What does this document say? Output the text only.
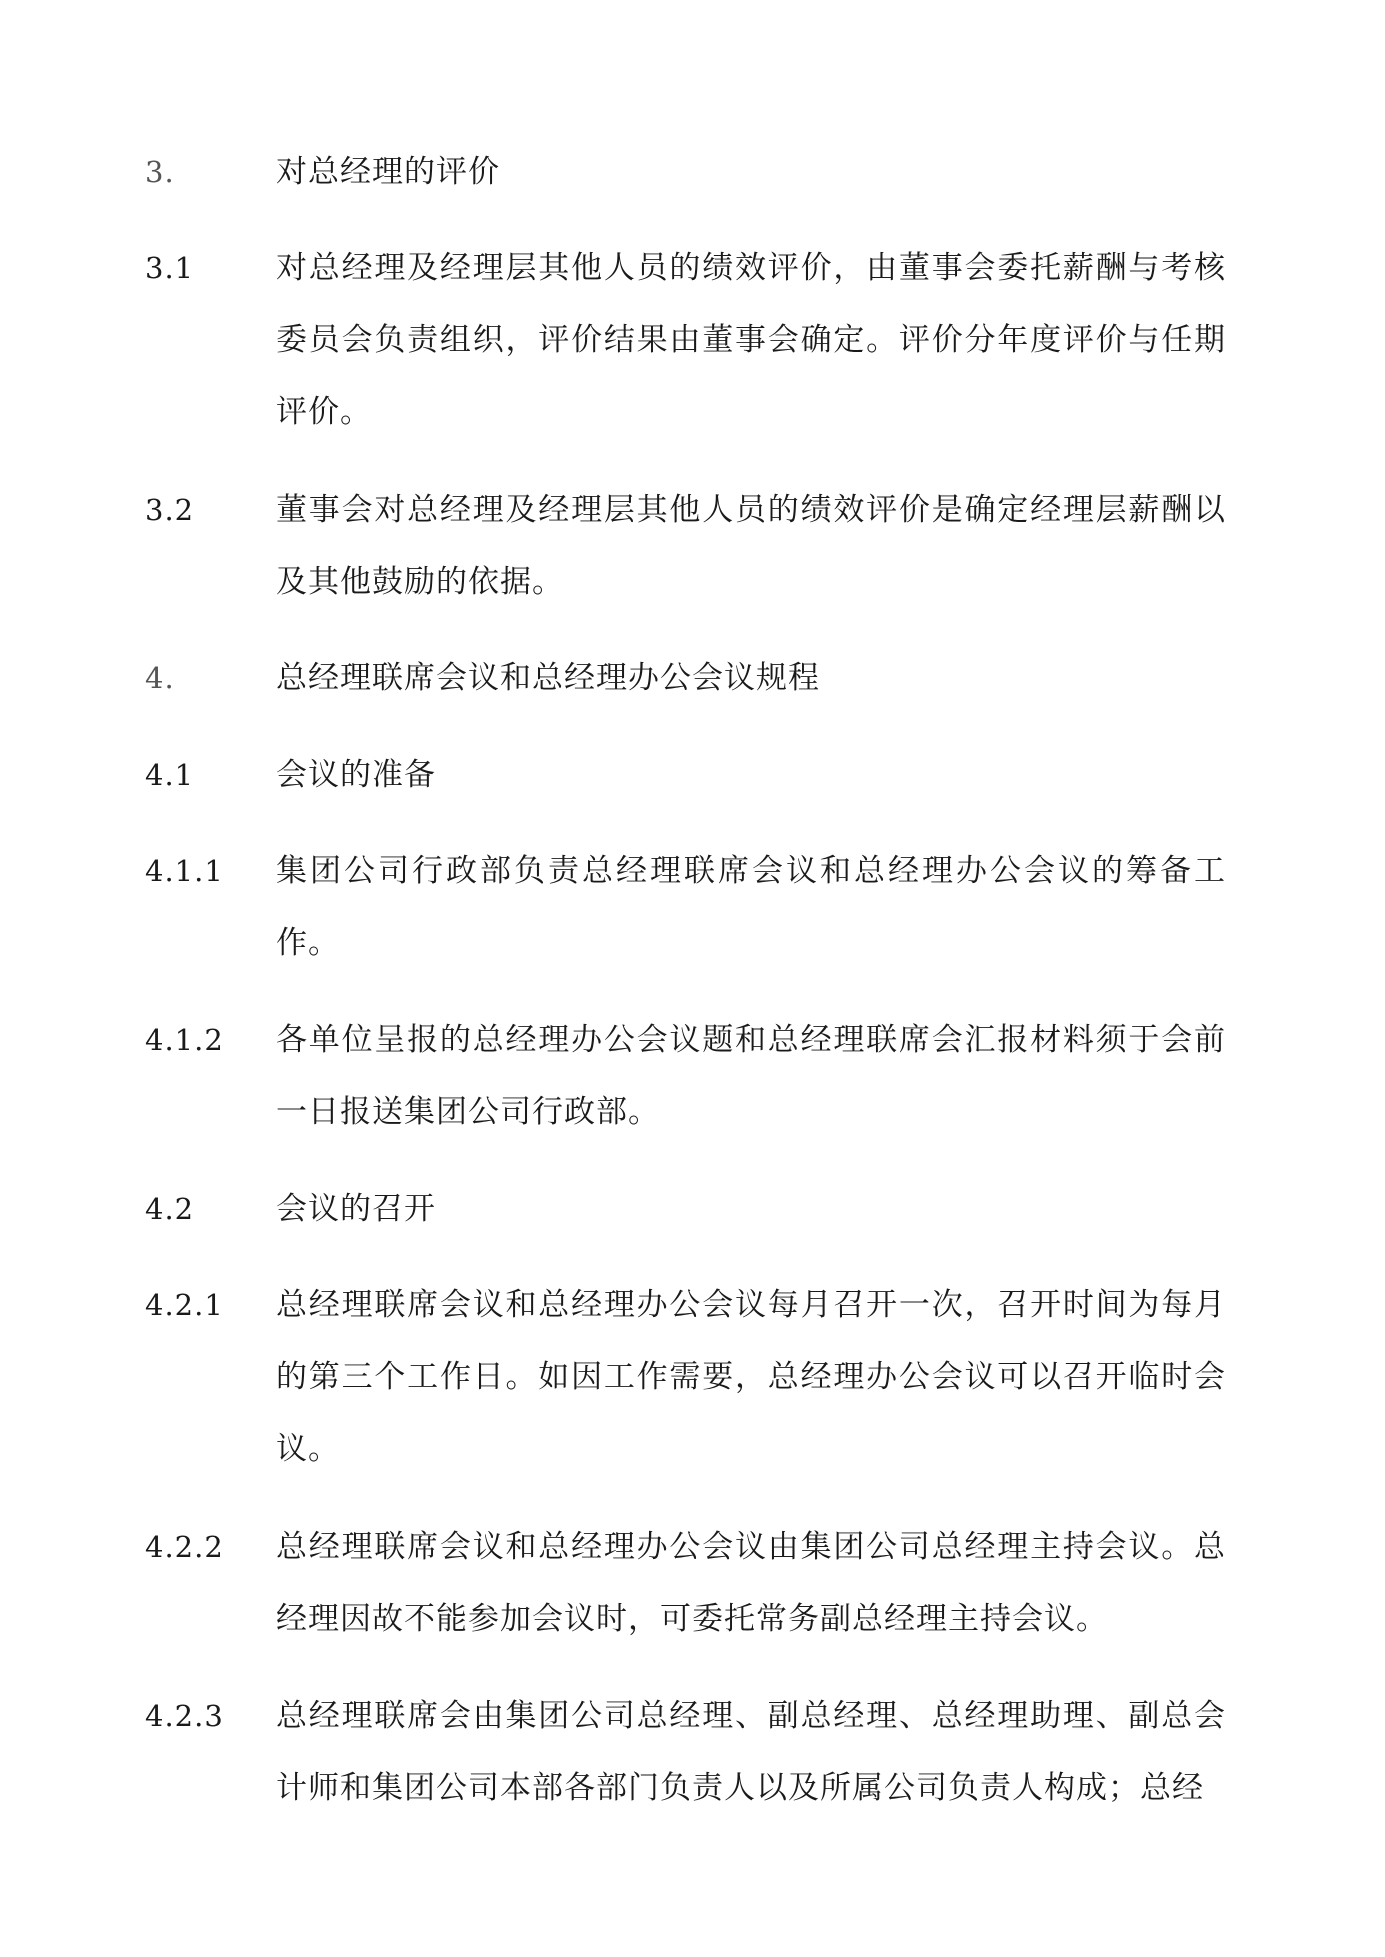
3.	对总经理的评价

3.1	对总经理及经理层其他人员的绩效评价，由董事会委托薪酬与考核委员会负责组织，评价结果由董事会确定。评价分年度评价与任期评价。

3.2	董事会对总经理及经理层其他人员的绩效评价是确定经理层薪酬以及其他鼓励的依据。

4.	总经理联席会议和总经理办公会议规程

4.1	会议的准备

4.1.1 集团公司行政部负责总经理联席会议和总经理办公会议的筹备工作。

4.1.2 各单位呈报的总经理办公会议题和总经理联席会汇报材料须于会前一日报送集团公司行政部。

4.2	会议的召开

4.2.1 总经理联席会议和总经理办公会议每月召开一次，召开时间为每月的第三个工作日。如因工作需要，总经理办公会议可以召开临时会议。

4.2.2 总经理联席会议和总经理办公会议由集团公司总经理主持会议。总经理因故不能参加会议时，可委托常务副总经理主持会议。

4.2.3 总经理联席会由集团公司总经理、副总经理、总经理助理、副总会计师和集团公司本部各部门负责人以及所属公司负责人构成；总经
